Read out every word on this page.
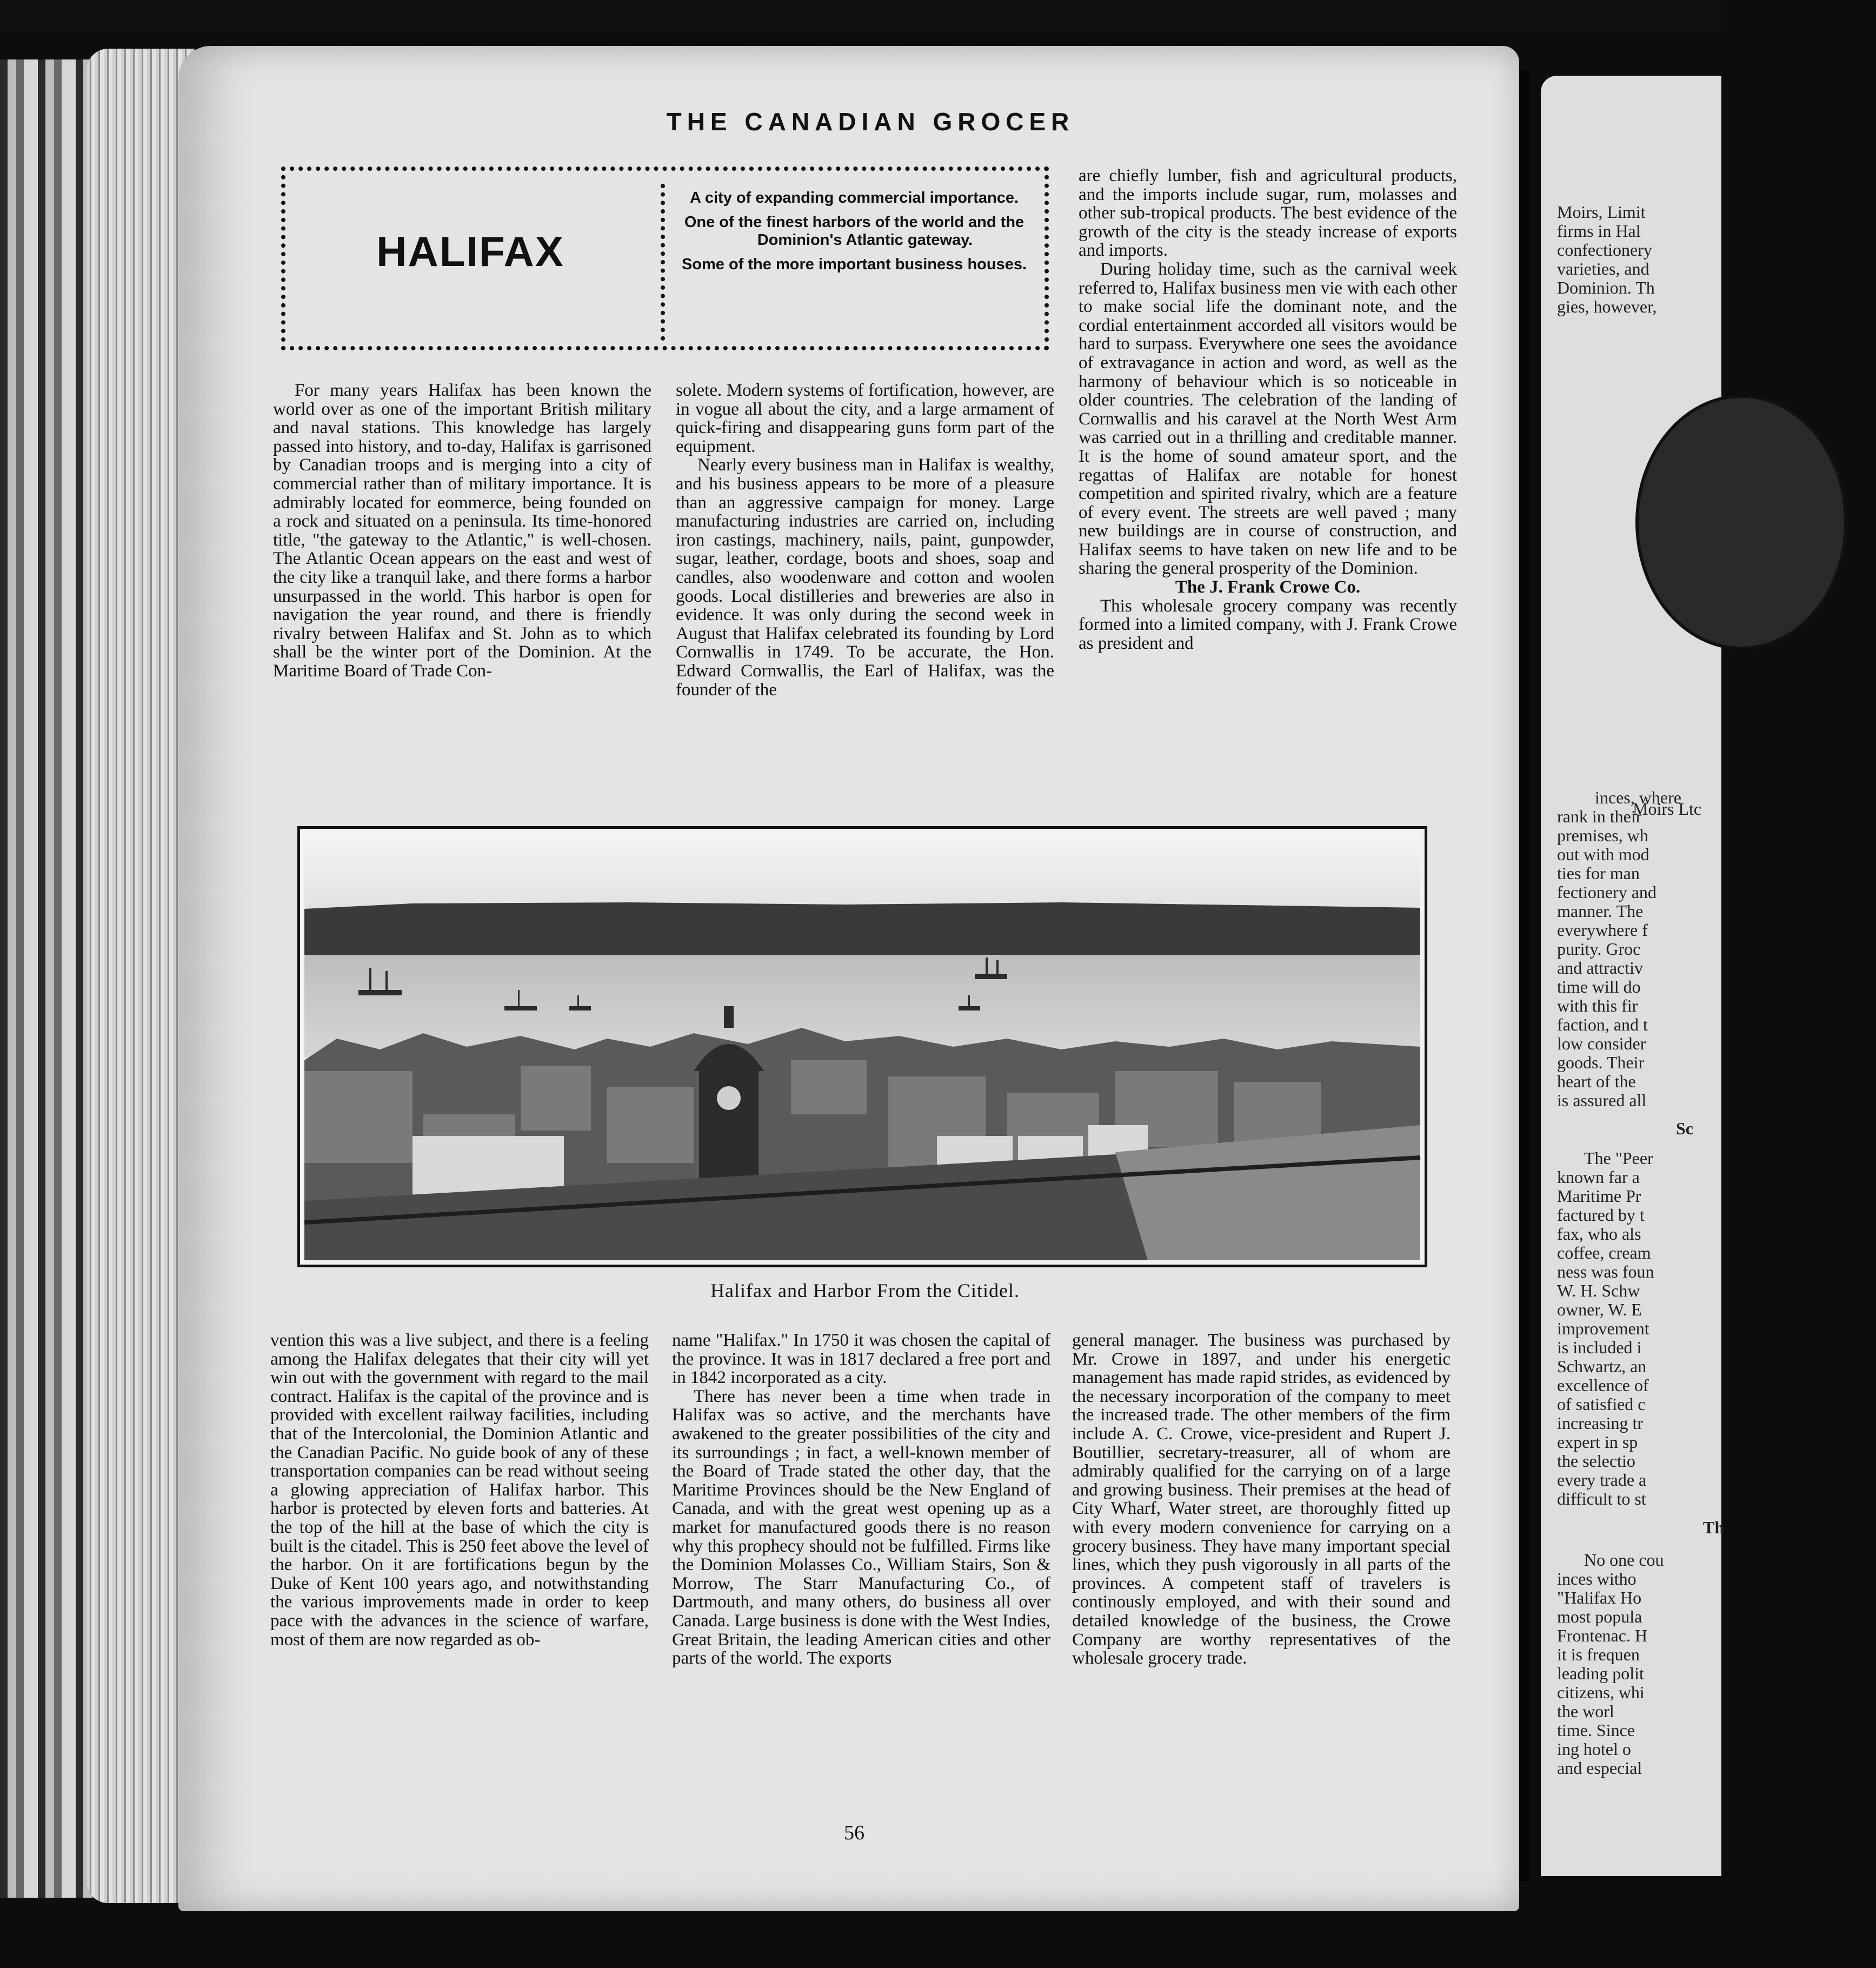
THE CANADIAN GROCER
HALIFAX

A city of expanding commercial importance.

One of the finest harbors of the world and the Dominion's Atlantic gateway.

Some of the more important business houses.

For many years Halifax has been known the world over as one of the important British military and naval stations. This knowledge has largely passed into history, and to-day, Halifax is garrisoned by Canadian troops and is merging into a city of commercial rather than of military importance. It is admirably located for eommerce, being founded on a rock and situated on a peninsula. Its time-honored title, "the gateway to the Atlantic," is well-chosen. The Atlantic Ocean appears on the east and west of the city like a tranquil lake, and there forms a harbor unsurpassed in the world. This harbor is open for navigation the year round, and there is friendly rivalry between Halifax and St. John as to which shall be the winter port of the Dominion. At the Maritime Board of Trade Con-

solete. Modern systems of fortification, however, are in vogue all about the city, and a large armament of quick-firing and disappearing guns form part of the equipment.

Nearly every business man in Halifax is wealthy, and his business appears to be more of a pleasure than an aggressive campaign for money. Large manufacturing industries are carried on, including iron castings, machinery, nails, paint, gunpowder, sugar, leather, cordage, boots and shoes, soap and candles, also woodenware and cotton and woolen goods. Local distilleries and breweries are also in evidence. It was only during the second week in August that Halifax celebrated its founding by Lord Cornwallis in 1749. To be accurate, the Hon. Edward Cornwallis, the Earl of Halifax, was the founder of the

are chiefly lumber, fish and agricultural products, and the imports include sugar, rum, molasses and other sub-tropical products. The best evidence of the growth of the city is the steady increase of exports and imports.

During holiday time, such as the carnival week referred to, Halifax business men vie with each other to make social life the dominant note, and the cordial entertainment accorded all visitors would be hard to surpass. Everywhere one sees the avoidance of extravagance in action and word, as well as the harmony of behaviour which is so noticeable in older countries. The celebration of the landing of Cornwallis and his caravel at the North West Arm was carried out in a thrilling and creditable manner. It is the home of sound amateur sport, and the regattas of Halifax are notable for honest competition and spirited rivalry, which are a feature of every event. The streets are well paved ; many new buildings are in course of construction, and Halifax seems to have taken on new life and to be sharing the general prosperity of the Dominion.

The J. Frank Crowe Co.

This wholesale grocery company was recently formed into a limited company, with J. Frank Crowe as president and

Halifax and Harbor From the Citidel.

vention this was a live subject, and there is a feeling among the Halifax delegates that their city will yet win out with the government with regard to the mail contract. Halifax is the capital of the province and is provided with excellent railway facilities, including that of the Intercolonial, the Dominion Atlantic and the Canadian Pacific. No guide book of any of these transportation companies can be read without seeing a glowing appreciation of Halifax harbor. This harbor is protected by eleven forts and batteries. At the top of the hill at the base of which the city is built is the citadel. This is 250 feet above the level of the harbor. On it are fortifications begun by the Duke of Kent 100 years ago, and notwithstanding the various improvements made in order to keep pace with the advances in the science of warfare, most of them are now regarded as ob-

name "Halifax." In 1750 it was chosen the capital of the province. It was in 1817 declared a free port and in 1842 incorporated as a city.

There has never been a time when trade in Halifax was so active, and the merchants have awakened to the greater possibilities of the city and its surroundings ; in fact, a well-known member of the Board of Trade stated the other day, that the Maritime Provinces should be the New England of Canada, and with the great west opening up as a market for manufactured goods there is no reason why this prophecy should not be fulfilled. Firms like the Dominion Molasses Co., William Stairs, Son & Morrow, The Starr Manufacturing Co., of Dartmouth, and many others, do business all over Canada. Large business is done with the West Indies, Great Britain, the leading American cities and other parts of the world. The exports

general manager. The business was purchased by Mr. Crowe in 1897, and under his energetic management has made rapid strides, as evidenced by the necessary incorporation of the company to meet the increased trade. The other members of the firm include A. C. Crowe, vice-president and Rupert J. Boutillier, secretary-treasurer, all of whom are admirably qualified for the carrying on of a large and growing business. Their premises at the head of City Wharf, Water street, are thoroughly fitted up with every modern convenience for carrying on a grocery business. They have many important special lines, which they push vigorously in all parts of the provinces. A competent staff of travelers is continously employed, and with their sound and detailed knowledge of the business, the Crowe Company are worthy representatives of the wholesale grocery trade.

56
Moirs, Limit
firms in Hal
confectionery
varieties, and
Dominion. Th
gies, however,
Moirs Ltc
inces, where
rank in their
premises, wh
out with mod
ties for man
fectionery and
manner. The
everywhere f
purity. Groc
and attractiv
time will do
with this fir
faction, and t
low consider
goods. Their
heart of the
is assured all
Sc
The "Peer
known far a
Maritime Pr
factured by t
fax, who als
coffee, cream
ness was foun
W. H. Schw
owner, W. E
improvement
is included i
Schwartz, an
excellence of
of satisfied c
increasing tr
expert in sp
the selectio
every trade a
difficult to st
Th
No one cou
inces witho
"Halifax Ho
most popula
Frontenac. H
it is frequen
leading polit
citizens, whi
the worl
time. Since
ing hotel o
and especial
